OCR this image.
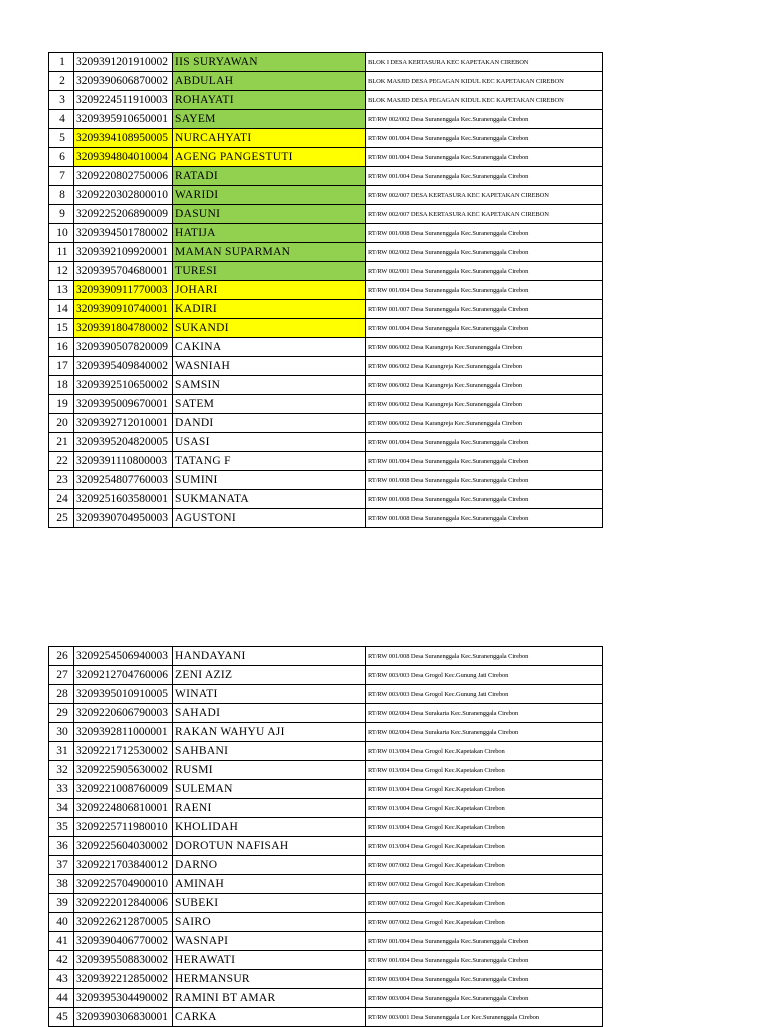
1	3209391201910002	IIS SURYAWAN	BLOK I DESA KERTASURA KEC KAPETAKAN CIREBON
2	3209390606870002	ABDULAH	BLOK MASJID DESA PEGAGAN KIDUL KEC KAPETAKAN CIREBON
3	3209224511910003	ROHAYATI	BLOK MASJID DESA PEGAGAN KIDUL KEC KAPETAKAN CIREBON
4	3209395910650001	SAYEM	RT/RW 002/002 Desa Suranenggala Kec.Suranenggala Cirebon
5	3209394108950005	NURCAHYATI	RT/RW 001/004 Desa Suranenggala Kec.Suranenggala Cirebon
6	3209394804010004	AGENG PANGESTUTI	RT/RW 001/004 Desa Suranenggala Kec.Suranenggala Cirebon
7	3209220802750006	RATADI	RT/RW 001/004 Desa Suranenggala Kec.Suranenggala Cirebon
8	3209220302800010	WARIDI	RT/RW 002/007 DESA KERTASURA KEC KAPETAKAN CIREBON
9	3209225206890009	DASUNI	RT/RW 002/007 DESA KERTASURA KEC KAPETAKAN CIREBON
10	3209394501780002	HATIJA	RT/RW 001/008 Desa Suranenggala Kec.Suranenggala Cirebon
11	3209392109920001	MAMAN SUPARMAN	RT/RW 002/002 Desa Suranenggala Kec.Suranenggala Cirebon
12	3209395704680001	TURESI	RT/RW 002/001 Desa Suranenggala Kec.Suranenggala Cirebon
13	3209390911770003	JOHARI	RT/RW 001/004 Desa Suranenggala Kec.Suranenggala Cirebon
14	3209390910740001	KADIRI	RT/RW 001/007 Desa Suranenggala Kec.Suranenggala Cirebon
15	3209391804780002	SUKANDI	RT/RW 001/004 Desa Suranenggala Kec.Suranenggala Cirebon
16	3209390507820009	CAKINA	RT/RW 006/002 Desa Karangreja Kec.Suranenggala Cirebon
17	3209395409840002	WASNIAH	RT/RW 006/002 Desa Karangreja Kec.Suranenggala Cirebon
18	3209392510650002	SAMSIN	RT/RW 006/002 Desa Karangreja Kec.Suranenggala Cirebon
19	3209395009670001	SATEM	RT/RW 006/002 Desa Karangreja Kec.Suranenggala Cirebon
20	3209392712010001	DANDI	RT/RW 006/002 Desa Karangreja Kec.Suranenggala Cirebon
21	3209395204820005	USASI	RT/RW 001/004 Desa Suranenggala Kec.Suranenggala Cirebon
22	3209391110800003	TATANG F	RT/RW 001/004 Desa Suranenggala Kec.Suranenggala Cirebon
23	3209254807760003	SUMINI	RT/RW 001/008 Desa Suranenggala Kec.Suranenggala Cirebon
24	3209251603580001	SUKMANATA	RT/RW 001/008 Desa Suranenggala Kec.Suranenggala Cirebon
25	3209390704950003	AGUSTONI	RT/RW 001/008 Desa Suranenggala Kec.Suranenggala Cirebon
26	3209254506940003	HANDAYANI	RT/RW 001/008 Desa Suranenggala Kec.Suranenggala Cirebon
27	3209212704760006	ZENI AZIZ	RT/RW 003/003 Desa Grogol Kec.Gunung Jati Cirebon
28	3209395010910005	WINATI	RT/RW 003/003 Desa Grogol Kec.Gunung Jati Cirebon
29	3209220606790003	SAHADI	RT/RW 002/004 Desa Surakarta Kec.Suranenggala Cirebon
30	3209392811000001	RAKAN WAHYU AJI	RT/RW 002/004 Desa Surakarta Kec.Suranenggala Cirebon
31	3209221712530002	SAHBANI	RT/RW 013/004 Desa Grogol Kec.Kapetakan Cirebon
32	3209225905630002	RUSMI	RT/RW 013/004 Desa Grogol Kec.Kapetakan Cirebon
33	3209221008760009	SULEMAN	RT/RW 013/004 Desa Grogol Kec.Kapetakan Cirebon
34	3209224806810001	RAENI	RT/RW 013/004 Desa Grogol Kec.Kapetakan Cirebon
35	3209225711980010	KHOLIDAH	RT/RW 013/004 Desa Grogol Kec.Kapetakan Cirebon
36	3209225604030002	DOROTUN NAFISAH	RT/RW 013/004 Desa Grogol Kec.Kapetakan Cirebon
37	3209221703840012	DARNO	RT/RW 007/002 Desa Grogol Kec.Kapetakan Cirebon
38	3209225704900010	AMINAH	RT/RW 007/002 Desa Grogol Kec.Kapetakan Cirebon
39	3209222012840006	SUBEKI	RT/RW 007/002 Desa Grogol Kec.Kapetakan Cirebon
40	3209226212870005	SAIRO	RT/RW 007/002 Desa Grogol Kec.Kapetakan Cirebon
41	3209390406770002	WASNAPI	RT/RW 001/004 Desa Suranenggala Kec.Suranenggala Cirebon
42	3209395508830002	HERAWATI	RT/RW 001/004 Desa Suranenggala Kec.Suranenggala Cirebon
43	3209392212850002	HERMANSUR	RT/RW 003/004 Desa Suranenggala Kec.Suranenggala Cirebon
44	3209395304490002	RAMINI BT AMAR	RT/RW 003/004 Desa Suranenggala Kec.Suranenggala Cirebon
45	3209390306830001	CARKA	RT/RW 003/001 Desa Suranenggala Lor Kec.Suranenggala Cirebon
